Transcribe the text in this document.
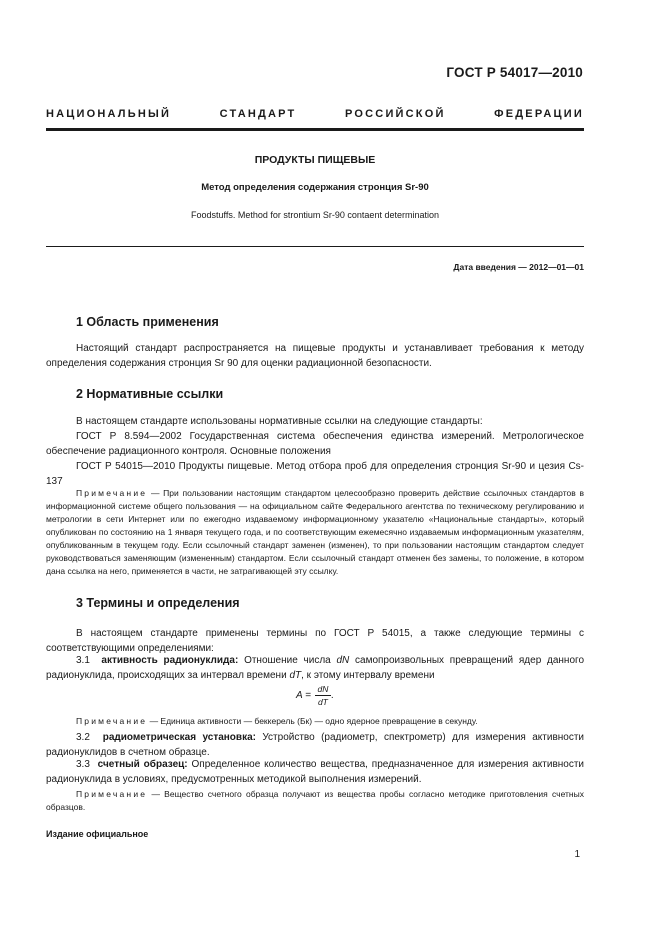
ГОСТ Р 54017—2010
НАЦИОНАЛЬНЫЙ	СТАНДАРТ	РОССИЙСКОЙ	ФЕДЕРАЦИИ
ПРОДУКТЫ ПИЩЕВЫЕ
Метод определения содержания стронция Sr-90
Foodstuffs. Method for strontium Sr-90 contaent determination
Дата введения — 2012—01—01
1 Область применения
Настоящий стандарт распространяется на пищевые продукты и устанавливает требования к методу определения содержания стронция Sr 90 для оценки радиационной безопасности.
2 Нормативные ссылки
В настоящем стандарте использованы нормативные ссылки на следующие стандарты:
ГОСТ Р 8.594—2002 Государственная система обеспечения единства измерений. Метрологическое обеспечение радиационного контроля. Основные положения
ГОСТ Р 54015—2010 Продукты пищевые. Метод отбора проб для определения стронция Sr-90 и цезия Cs-137
Примечание — При пользовании настоящим стандартом целесообразно проверить действие ссылочных стандартов в информационной системе общего пользования — на официальном сайте Федерального агентства по техническому регулированию и метрологии в сети Интернет или по ежегодно издаваемому информационному указателю «Национальные стандарты», который опубликован по состоянию на 1 января текущего года, и по соответствующим ежемесячно издаваемым информационным указателям, опубликованным в текущем году. Если ссылочный стандарт заменен (изменен), то при пользовании настоящим стандартом следует руководствоваться заменяющим (измененным) стандартом. Если ссылочный стандарт отменен без замены, то положение, в котором дана ссылка на него, применяется в части, не затрагивающей эту ссылку.
3 Термины и определения
В настоящем стандарте применены термины по ГОСТ Р 54015, а также следующие термины с соответствующими определениями:
3.1 активность радионуклида: Отношение числа dN самопроизвольных превращений ядер данного радионуклида, происходящих за интервал времени dT, к этому интервалу времени
$A = \frac{dN}{dT}$ .
Примечание — Единица активности — беккерель (Бк) — одно ядерное превращение в секунду.
3.2 радиометрическая установка: Устройство (радиометр, спектрометр) для измерения активности радионуклидов в счетном образце.
3.3 счетный образец: Определенное количество вещества, предназначенное для измерения активности радионуклида в условиях, предусмотренных методикой выполнения измерений.
Примечание — Вещество счетного образца получают из вещества пробы согласно методике приготовления счетных образцов.
Издание официальное
1
